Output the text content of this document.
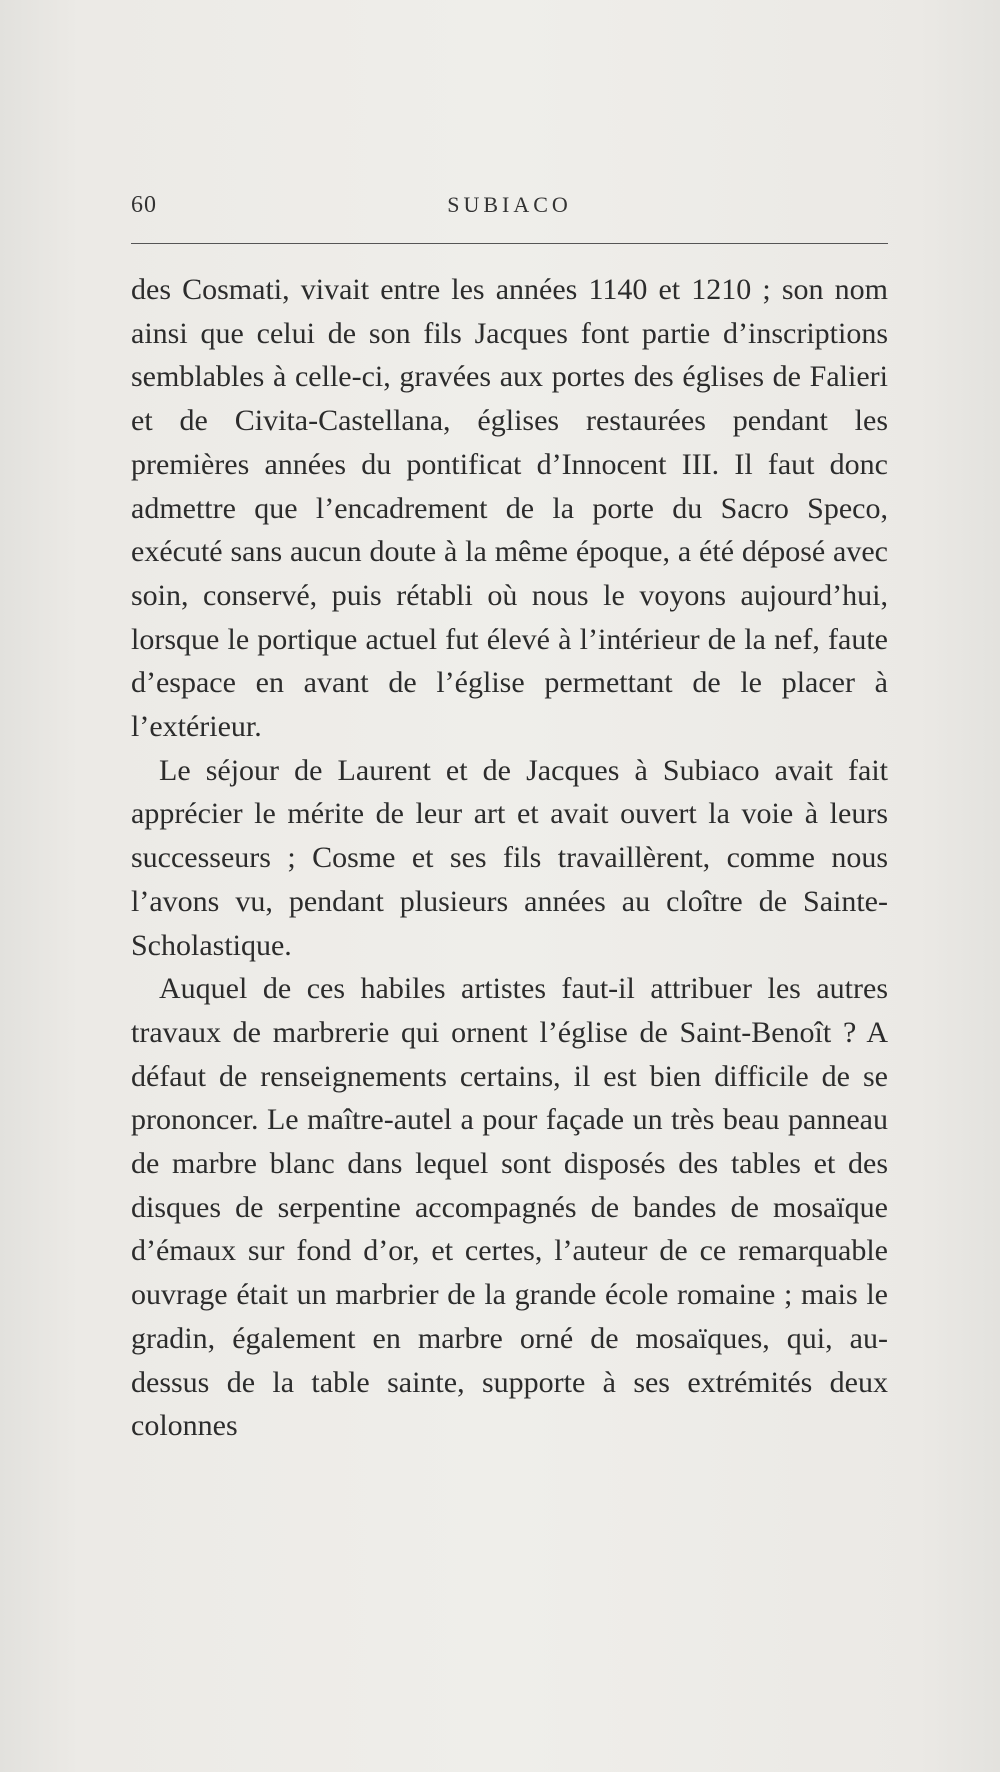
60	SUBIACO

des Cosmati, vivait entre les années 1140 et 1210 ; son nom ainsi que celui de son fils Jacques font partie d’inscriptions semblables à celle-ci, gravées aux portes des églises de Falieri et de Civita-Castellana, églises restaurées pendant les premières années du pontificat d’Innocent III. Il faut donc admettre que l’encadrement de la porte du Sacro Speco, exécuté sans aucun doute à la même époque, a été déposé avec soin, conservé, puis rétabli où nous le voyons aujourd’hui, lorsque le portique actuel fut élevé à l’intérieur de la nef, faute d’espace en avant de l’église permettant de le placer à l’extérieur.

Le séjour de Laurent et de Jacques à Subiaco avait fait apprécier le mérite de leur art et avait ouvert la voie à leurs successeurs ; Cosme et ses fils travaillèrent, comme nous l’avons vu, pendant plusieurs années au cloître de Sainte-Scholastique.

Auquel de ces habiles artistes faut-il attribuer les autres travaux de marbrerie qui ornent l’église de Saint-Benoît ? A défaut de renseignements certains, il est bien difficile de se prononcer. Le maître-autel a pour façade un très beau panneau de marbre blanc dans lequel sont disposés des tables et des disques de serpentine accompagnés de bandes de mosaïque d’émaux sur fond d’or, et certes, l’auteur de ce remarquable ouvrage était un marbrier de la grande école romaine ; mais le gradin, également en marbre orné de mosaïques, qui, au-dessus de la table sainte, supporte à ses extrémités deux colonnes
